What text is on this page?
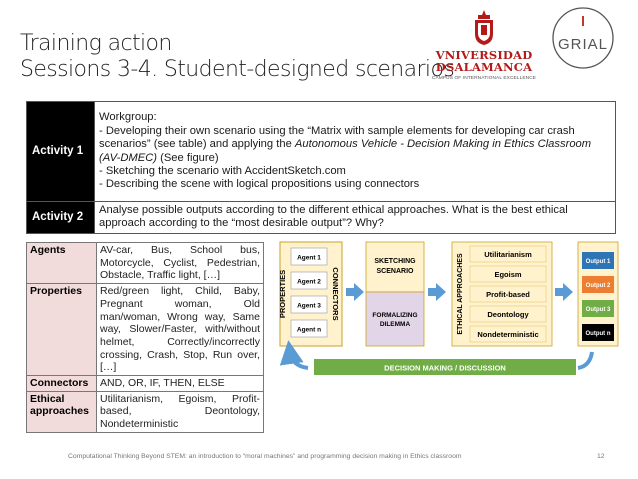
Training action
Sessions 3-4. Student-designed scenarios
VNIVERSIDAD
DSALAMANCA
CAMPUS OF INTERNATIONAL EXCELLENCE
GRIAL
Activity 1	Workgroup:

- Developing their own scenario using the “Matrix with sample elements for developing car crash scenarios” (see table) and applying the Autonomous Vehicle - Decision Making in Ethics Classroom (AV-DMEC) (See figure)

- Sketching the scenario with AccidentSketch.com

- Describing the scene with logical propositions using connectors

Activity 2	Analyse possible outputs according to the different ethical approaches. What is the best ethical approach according to the “most desirable output”? Why?
Agents	AV-car, Bus, School bus, Motorcycle, Cyclist, Pedestrian, Obstacle, Traffic light, […]
Properties	Red/green light, Child, Baby, Pregnant woman, Old man/woman, Wrong way, Same way, Slower/Faster, with/without helmet, Correctly/incorrectly crossing, Crash, Stop, Run over, […]
Connectors	AND, OR, IF, THEN, ELSE
Ethical approaches	Utilitarianism, Egoism, Profit-based, Deontology, Nondeterministic
PROPERTIES	CONNECTORS
Agent 1
Agent 2
Agent 3
Agent n
SKETCHING SCENARIO
FORMALIZING DILEMMA	ETHICAL APPROACHES	Utilitarianism
Egoism
Profit-based
Deontology
Nondeterministic
Output 1
Output 2
Output 3
Output n
DECISION MAKING / DISCUSSION
Computational Thinking Beyond STEM: an introduction to “moral machines” and programming decision making in Ethics classroom	12
